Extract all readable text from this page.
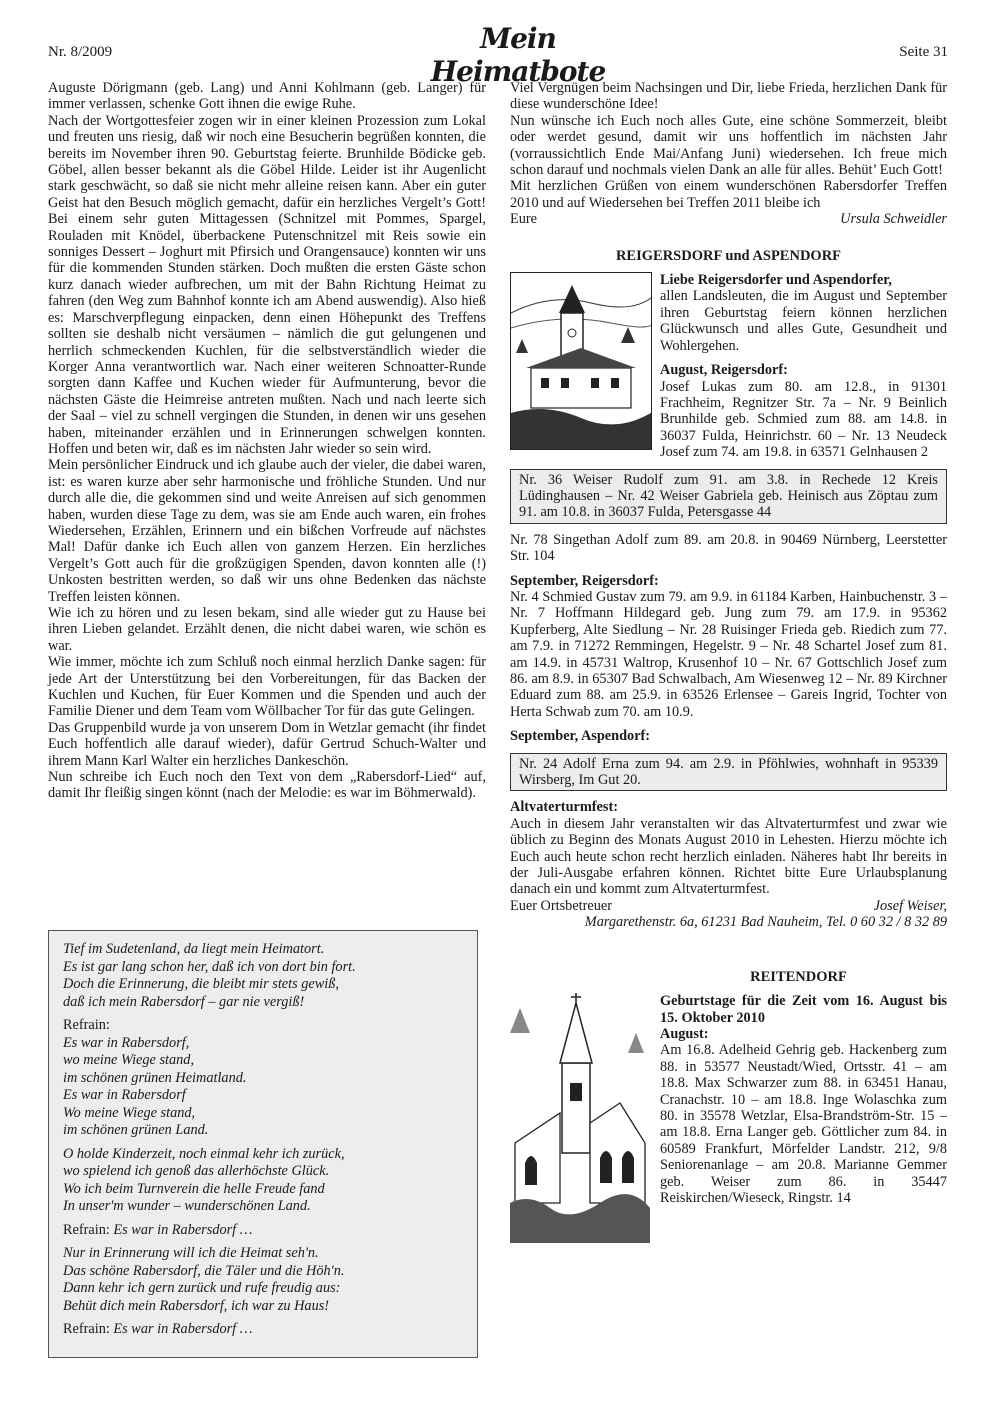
Nr. 8/2009	Mein Heimatbote
Seite 31

Auguste Dörigmann (geb. Lang) und Anni Kohlmann (geb. Langer) für immer verlassen, schenke Gott ihnen die ewige Ruhe.

Nach der Wortgottesfeier zogen wir in einer kleinen Prozession zum Lokal und freuten uns riesig, daß wir noch eine Besucherin begrüßen konnten, die bereits im November ihren 90. Geburtstag feierte. Brunhilde Bödicke geb. Göbel, allen besser bekannt als die Göbel Hilde. Leider ist ihr Augenlicht stark geschwächt, so daß sie nicht mehr alleine reisen kann. Aber ein guter Geist hat den Besuch möglich gemacht, dafür ein herzliches Vergelt’s Gott! Bei einem sehr guten Mittagessen (Schnitzel mit Pommes, Spargel, Rouladen mit Knödel, überbackene Putenschnitzel mit Reis sowie ein sonniges Dessert – Joghurt mit Pfirsich und Orangensauce) konnten wir uns für die kommenden Stunden stärken. Doch mußten die ersten Gäste schon kurz danach wieder aufbrechen, um mit der Bahn Richtung Heimat zu fahren (den Weg zum Bahnhof konnte ich am Abend auswendig). Also hieß es: Marschverpflegung einpacken, denn einen Höhepunkt des Treffens sollten sie deshalb nicht versäumen – nämlich die gut gelungenen und herrlich schmeckenden Kuchlen, für die selbstverständlich wieder die Korger Anna verantwortlich war. Nach einer weiteren Schnoatter-Runde sorgten dann Kaffee und Kuchen wieder für Aufmunterung, bevor die nächsten Gäste die Heimreise antreten mußten. Nach und nach leerte sich der Saal – viel zu schnell vergingen die Stunden, in denen wir uns gesehen haben, miteinander erzählen und in Erinnerungen schwelgen konnten. Hoffen und beten wir, daß es im nächsten Jahr wieder so sein wird.

Mein persönlicher Eindruck und ich glaube auch der vieler, die dabei waren, ist: es waren kurze aber sehr harmonische und fröhliche Stunden. Und nur durch alle die, die gekommen sind und weite Anreisen auf sich genommen haben, wurden diese Tage zu dem, was sie am Ende auch waren, ein frohes Wiedersehen, Erzählen, Erinnern und ein bißchen Vorfreude auf nächstes Mal! Dafür danke ich Euch allen von ganzem Herzen. Ein herzliches Vergelt’s Gott auch für die großzügigen Spenden, davon konnten alle (!) Unkosten bestritten werden, so daß wir uns ohne Bedenken das nächste Treffen leisten können.

Wie ich zu hören und zu lesen bekam, sind alle wieder gut zu Hause bei ihren Lieben gelandet. Erzählt denen, die nicht dabei waren, wie schön es war.

Wie immer, möchte ich zum Schluß noch einmal herzlich Danke sagen: für jede Art der Unterstützung bei den Vorbereitungen, für das Backen der Kuchlen und Kuchen, für Euer Kommen und die Spenden und auch der Familie Diener und dem Team vom Wöllbacher Tor für das gute Gelingen.

Das Gruppenbild wurde ja von unserem Dom in Wetzlar gemacht (ihr findet Euch hoffentlich alle darauf wieder), dafür Gertrud Schuch-Walter und ihrem Mann Karl Walter ein herzliches Dankeschön.

Nun schreibe ich Euch noch den Text von dem „Rabersdorf-Lied“ auf, damit Ihr fleißig singen könnt (nach der Melodie: es war im Böhmerwald).

Tief im Sudetenland, da liegt mein Heimatort.
Es ist gar lang schon her, daß ich von dort bin fort.
Doch die Erinnerung, die bleibt mir stets gewiß,
daß ich mein Rabersdorf – gar nie vergiß!
Refrain:
Es war in Rabersdorf,
wo meine Wiege stand,
im schönen grünen Heimatland.
Es war in Rabersdorf
Wo meine Wiege stand,
im schönen grünen Land.
O holde Kinderzeit, noch einmal kehr ich zurück,
wo spielend ich genoß das allerhöchste Glück.
Wo ich beim Turnverein die helle Freude fand
In unser'm wunder – wunderschönen Land.
Refrain: Es war in Rabersdorf …
Nur in Erinnerung will ich die Heimat seh'n.
Das schöne Rabersdorf, die Täler und die Höh'n.
Dann kehr ich gern zurück und rufe freudig aus:
Behüt dich mein Rabersdorf, ich war zu Haus!
Refrain: Es war in Rabersdorf …

Viel Vergnügen beim Nachsingen und Dir, liebe Frieda, herzlichen Dank für diese wunderschöne Idee!

Nun wünsche ich Euch noch alles Gute, eine schöne Sommerzeit, bleibt oder werdet gesund, damit wir uns hoffentlich im nächsten Jahr (vorraussichtlich Ende Mai/Anfang Juni) wiedersehen. Ich freue mich schon darauf und nochmals vielen Dank an alle für alles. Behüt’ Euch Gott!

Mit herzlichen Grüßen von einem wunderschönen Rabersdorfer Treffen 2010 und auf Wiedersehen bei Treffen 2011 bleibe ich

Eure	Ursula Schweidler
REIGERSDORF und ASPENDORF
Liebe Reigersdorfer und Aspendorfer,
allen Landsleuten, die im August und September ihren Geburtstag feiern können herzlichen Glückwunsch und alles Gute, Gesundheit und Wohlergehen.
August, Reigersdorf:
Josef Lukas zum 80. am 12.8., in 91301 Frachheim, Regnitzer Str. 7a – Nr. 9 Beinlich Brunhilde geb. Schmied zum 88. am 14.8. in 36037 Fulda, Heinrichstr. 60 – Nr. 13 Neudeck Josef zum 74. am 19.8. in 63571 Gelnhausen 2
Nr. 36 Weiser Rudolf zum 91. am 3.8. in Rechede 12 Kreis Lüdinghausen – Nr. 42 Weiser Gabriela geb. Heinisch aus Zöptau zum 91. am 10.8. in 36037 Fulda, Petersgasse 44
Nr. 78 Singethan Adolf zum 89. am 20.8. in 90469 Nürnberg, Leerstetter Str. 104
September, Reigersdorf:
Nr. 4 Schmied Gustav zum 79. am 9.9. in 61184 Karben, Hainbuchenstr. 3 – Nr. 7 Hoffmann Hildegard geb. Jung zum 79. am 17.9. in 95362 Kupferberg, Alte Siedlung – Nr. 28 Ruisinger Frieda geb. Riedich zum 77. am 7.9. in 71272 Remmingen, Hegelstr. 9 – Nr. 48 Schartel Josef zum 81. am 14.9. in 45731 Waltrop, Krusenhof 10 – Nr. 67 Gottschlich Josef zum 86. am 8.9. in 65307 Bad Schwalbach, Am Wiesenweg 12 – Nr. 89 Kirchner Eduard zum 88. am 25.9. in 63526 Erlensee – Gareis Ingrid, Tochter von Herta Schwab zum 70. am 10.9.
September, Aspendorf:
Nr. 24 Adolf Erna zum 94. am 2.9. in Pföhlwies, wohnhaft in 95339 Wirsberg, Im Gut 20.
Altvaterturmfest:
Auch in diesem Jahr veranstalten wir das Altvaterturmfest und zwar wie üblich zu Beginn des Monats August 2010 in Lehesten. Hierzu möchte ich Euch auch heute schon recht herzlich einladen. Näheres habt Ihr bereits in der Juli-Ausgabe erfahren können. Richtet bitte Eure Urlaubsplanung danach ein und kommt zum Altvaterturmfest.
Euer Ortsbetreuer	Josef Weiser,
Margarethenstr. 6a, 61231 Bad Nauheim, Tel. 0 60 32 / 8 32 89
REITENDORF
Geburtstage für die Zeit vom 16. August bis 15. Oktober 2010
August:
Am 16.8. Adelheid Gehrig geb. Hackenberg zum 88. in 53577 Neustadt/Wied, Ortsstr. 41 – am 18.8. Max Schwarzer zum 88. in 63451 Hanau, Cranachstr. 10 – am 18.8. Inge Wolaschka zum 80. in 35578 Wetzlar, Elsa-Brandström-Str. 15 – am 18.8. Erna Langer geb. Göttlicher zum 84. in 60589 Frankfurt, Mörfelder Landstr. 212, 9/8 Seniorenanlage – am 20.8. Marianne Gemmer geb. Weiser zum 86. in 35447 Reiskirchen/Wieseck, Ringstr. 14
